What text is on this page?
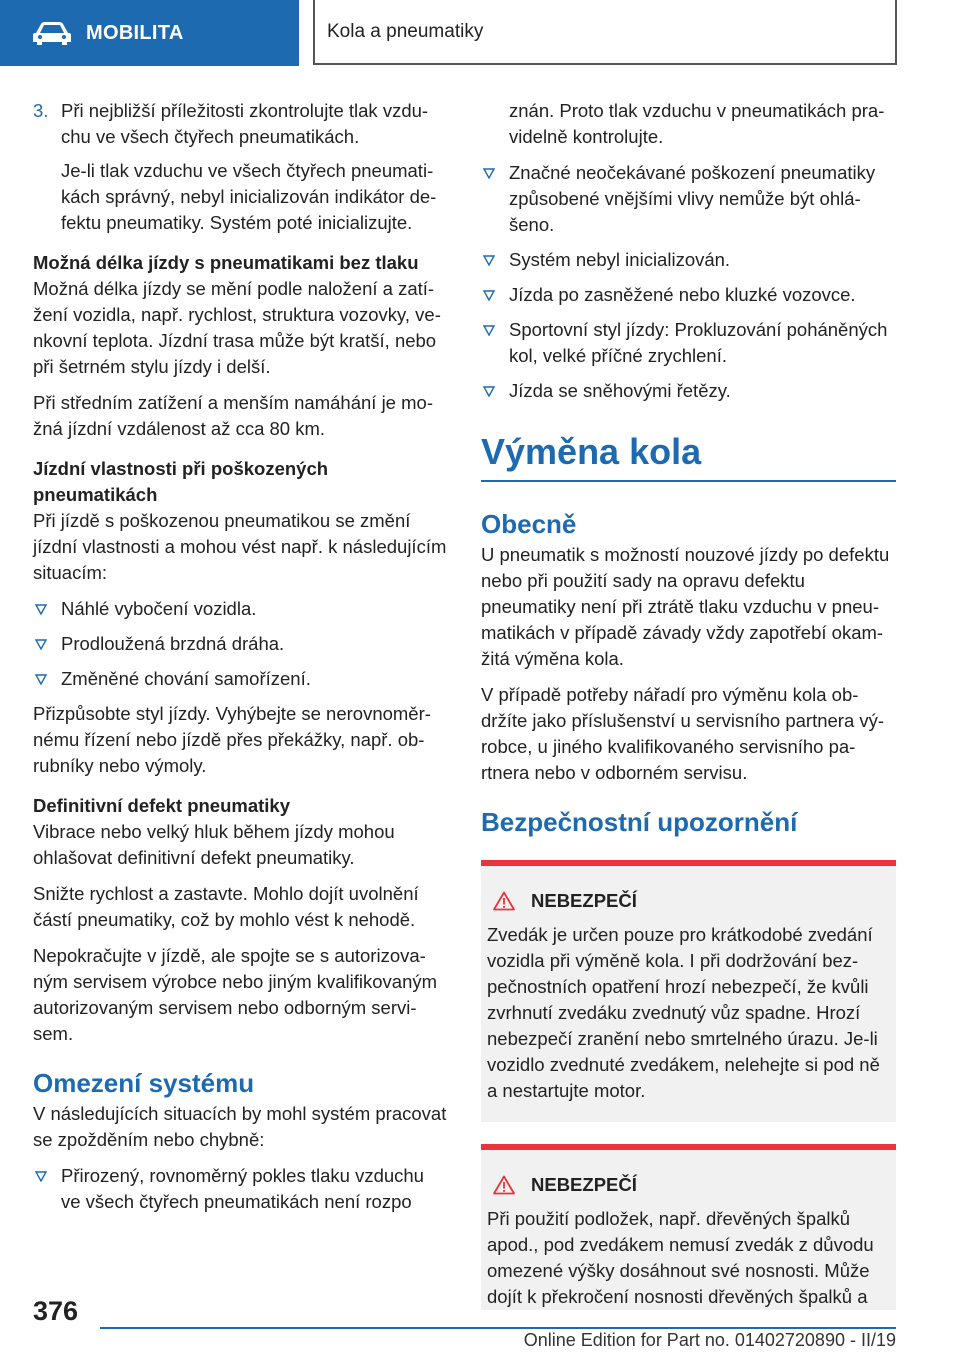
MOBILITA	Kola a pneumatiky
3. Při nejbližší příležitosti zkontrolujte tlak vzduchu ve všech čtyřech pneumatikách.

Je-li tlak vzduchu ve všech čtyřech pneumatikách správný, nebyl inicializován indikátor defektu pneumatiky. Systém poté inicializujte.

Možná délka jízdy s pneumatikami bez tlaku

Možná délka jízdy se mění podle naložení a zatížení vozidla, např. rychlost, struktura vozovky, venkovní teplota. Jízdní trasa může být kratší, nebo při šetrném stylu jízdy i delší.

Při středním zatížení a menším namáhání je možná jízdní vzdálenost až cca 80 km.

Jízdní vlastnosti při poškozených pneumatikách

Při jízdě s poškozenou pneumatikou se změní jízdní vlastnosti a mohou vést např. k následujícím situacím:

Náhlé vybočení vozidla.
Prodloužená brzdná dráha.
Změněné chování samořízení.

Přizpůsobte styl jízdy. Vyhýbejte se nerovnoměrnému řízení nebo jízdě přes překážky, např. obrubníky nebo výmoly.

Definitivní defekt pneumatiky

Vibrace nebo velký hluk během jízdy mohou ohlašovat definitivní defekt pneumatiky.

Snižte rychlost a zastavte. Mohlo dojít uvolnění částí pneumatiky, což by mohlo vést k nehodě.

Nepokračujte v jízdě, ale spojte se s autorizovaným servisem výrobce nebo jiným kvalifikovaným autorizovaným servisem nebo odborným servisem.

Omezení systému

V následujících situacích by mohl systém pracovat se zpožděním nebo chybně:

Přirozený, rovnoměrný pokles tlaku vzduchu ve všech čtyřech pneumatikách není rozpo

znán. Proto tlak vzduchu v pneumatikách pravidelně kontrolujte.

Značné neočekávané poškození pneumatiky způsobené vnějšími vlivy nemůže být ohlášeno.
Systém nebyl inicializován.
Jízda po zasněžené nebo kluzké vozovce.
Sportovní styl jízdy: Prokluzování poháněných kol, velké příčné zrychlení.
Jízda se sněhovými řetězy.
Výměna kola
Obecně

U pneumatik s možností nouzové jízdy po defektu nebo při použití sady na opravu defektu pneumatiky není při ztrátě tlaku vzduchu v pneumatikách v případě závady vždy zapotřebí okamžitá výměna kola.

V případě potřeby nářadí pro výměnu kola obdržíte jako příslušenství u servisního partnera výrobce, u jiného kvalifikovaného servisního partnera nebo v odborném servisu.

Bezpečnostní upozornění
NEBEZPEČÍ

Zvedák je určen pouze pro krátkodobé zvedání vozidla při výměně kola. I při dodržování bezpečnostních opatření hrozí nebezpečí, že kvůli zvrhnutí zvedáku zvednutý vůz spadne. Hrozí nebezpečí zranění nebo smrtelného úrazu. Je-li vozidlo zvednuté zvedákem, nelehejte si pod ně a nestartujte motor.

NEBEZPEČÍ

Při použití podložek, např. dřevěných špalků apod., pod zvedákem nemusí zvedák z důvodu omezené výšky dosáhnout své nosnosti. Může dojít k překročení nosnosti dřevěných špalků a

376
Online Edition for Part no. 01402720890 - II/19
